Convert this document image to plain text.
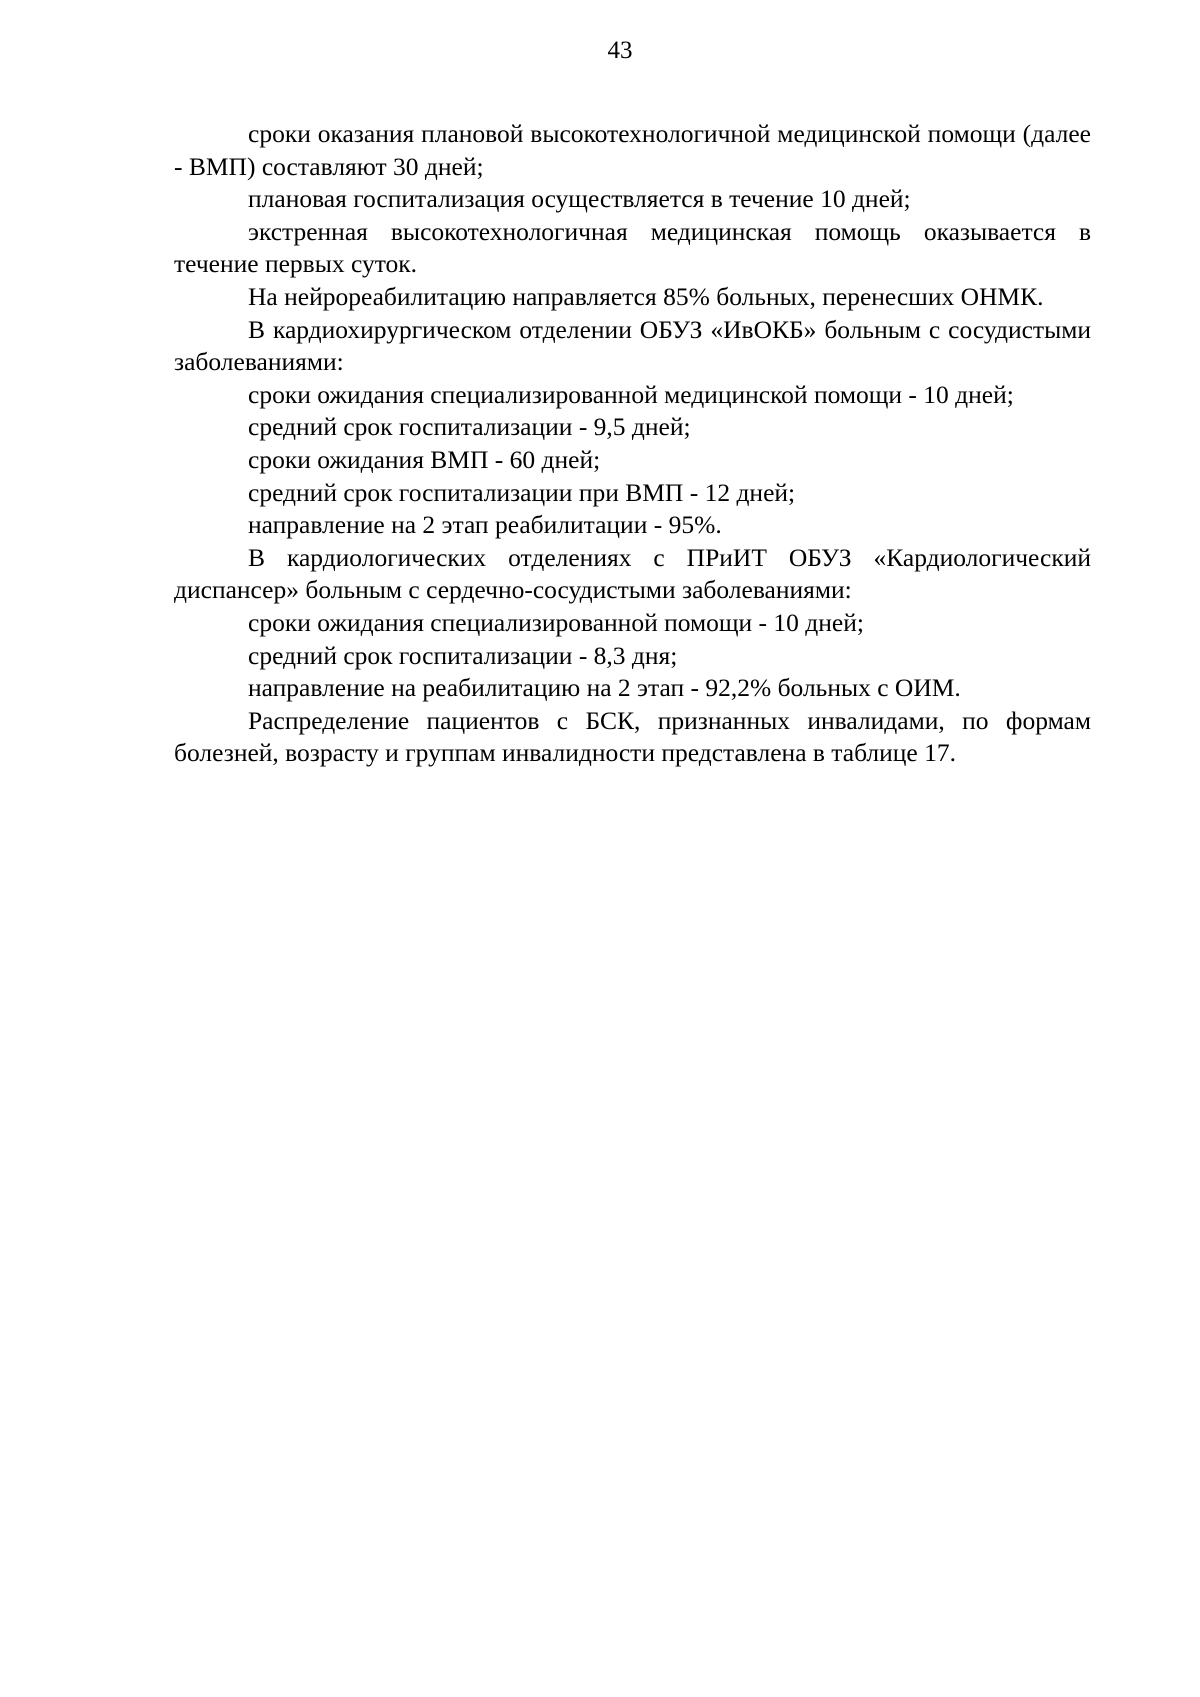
43

сроки оказания плановой высокотехнологичной медицинской помощи (далее - ВМП) составляют 30 дней;

плановая госпитализация осуществляется в течение 10 дней;

экстренная высокотехнологичная медицинская помощь оказывается в течение первых суток.

На нейрореабилитацию направляется 85% больных, перенесших ОНМК.

В кардиохирургическом отделении ОБУЗ «ИвОКБ» больным с сосудистыми заболеваниями:

сроки ожидания специализированной медицинской помощи - 10 дней;

средний срок госпитализации - 9,5 дней;

сроки ожидания ВМП - 60 дней;

средний срок госпитализации при ВМП - 12 дней;

направление на 2 этап реабилитации - 95%.

В кардиологических отделениях с ПРиИТ ОБУЗ «Кардиологический диспансер» больным с сердечно-сосудистыми заболеваниями:

сроки ожидания специализированной помощи - 10 дней;

средний срок госпитализации - 8,3 дня;

направление на реабилитацию на 2 этап - 92,2% больных с ОИМ.

Распределение пациентов с БСК, признанных инвалидами, по формам болезней, возрасту и группам инвалидности представлена в таблице 17.
